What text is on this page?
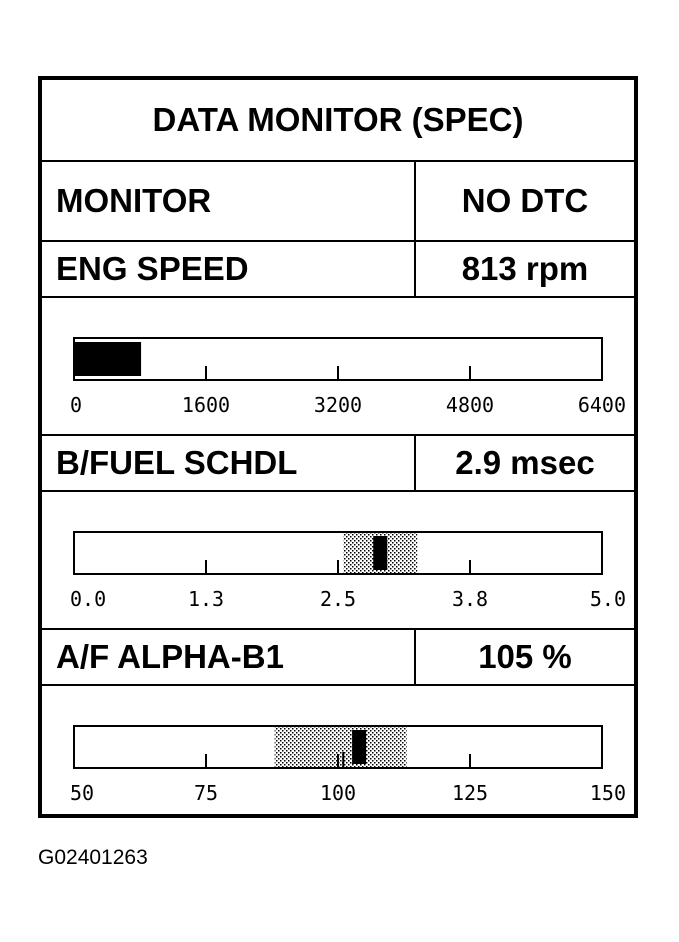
DATA MONITOR (SPEC)
MONITOR	NO DTC
ENG SPEED	813 rpm
0	1600	3200	4800	6400
B/FUEL SCHDL	2.9 msec
0.0	1.3	2.5	3.8	5.0
A/F ALPHA-B1	105 %
50	75	100	125	150
G02401263
